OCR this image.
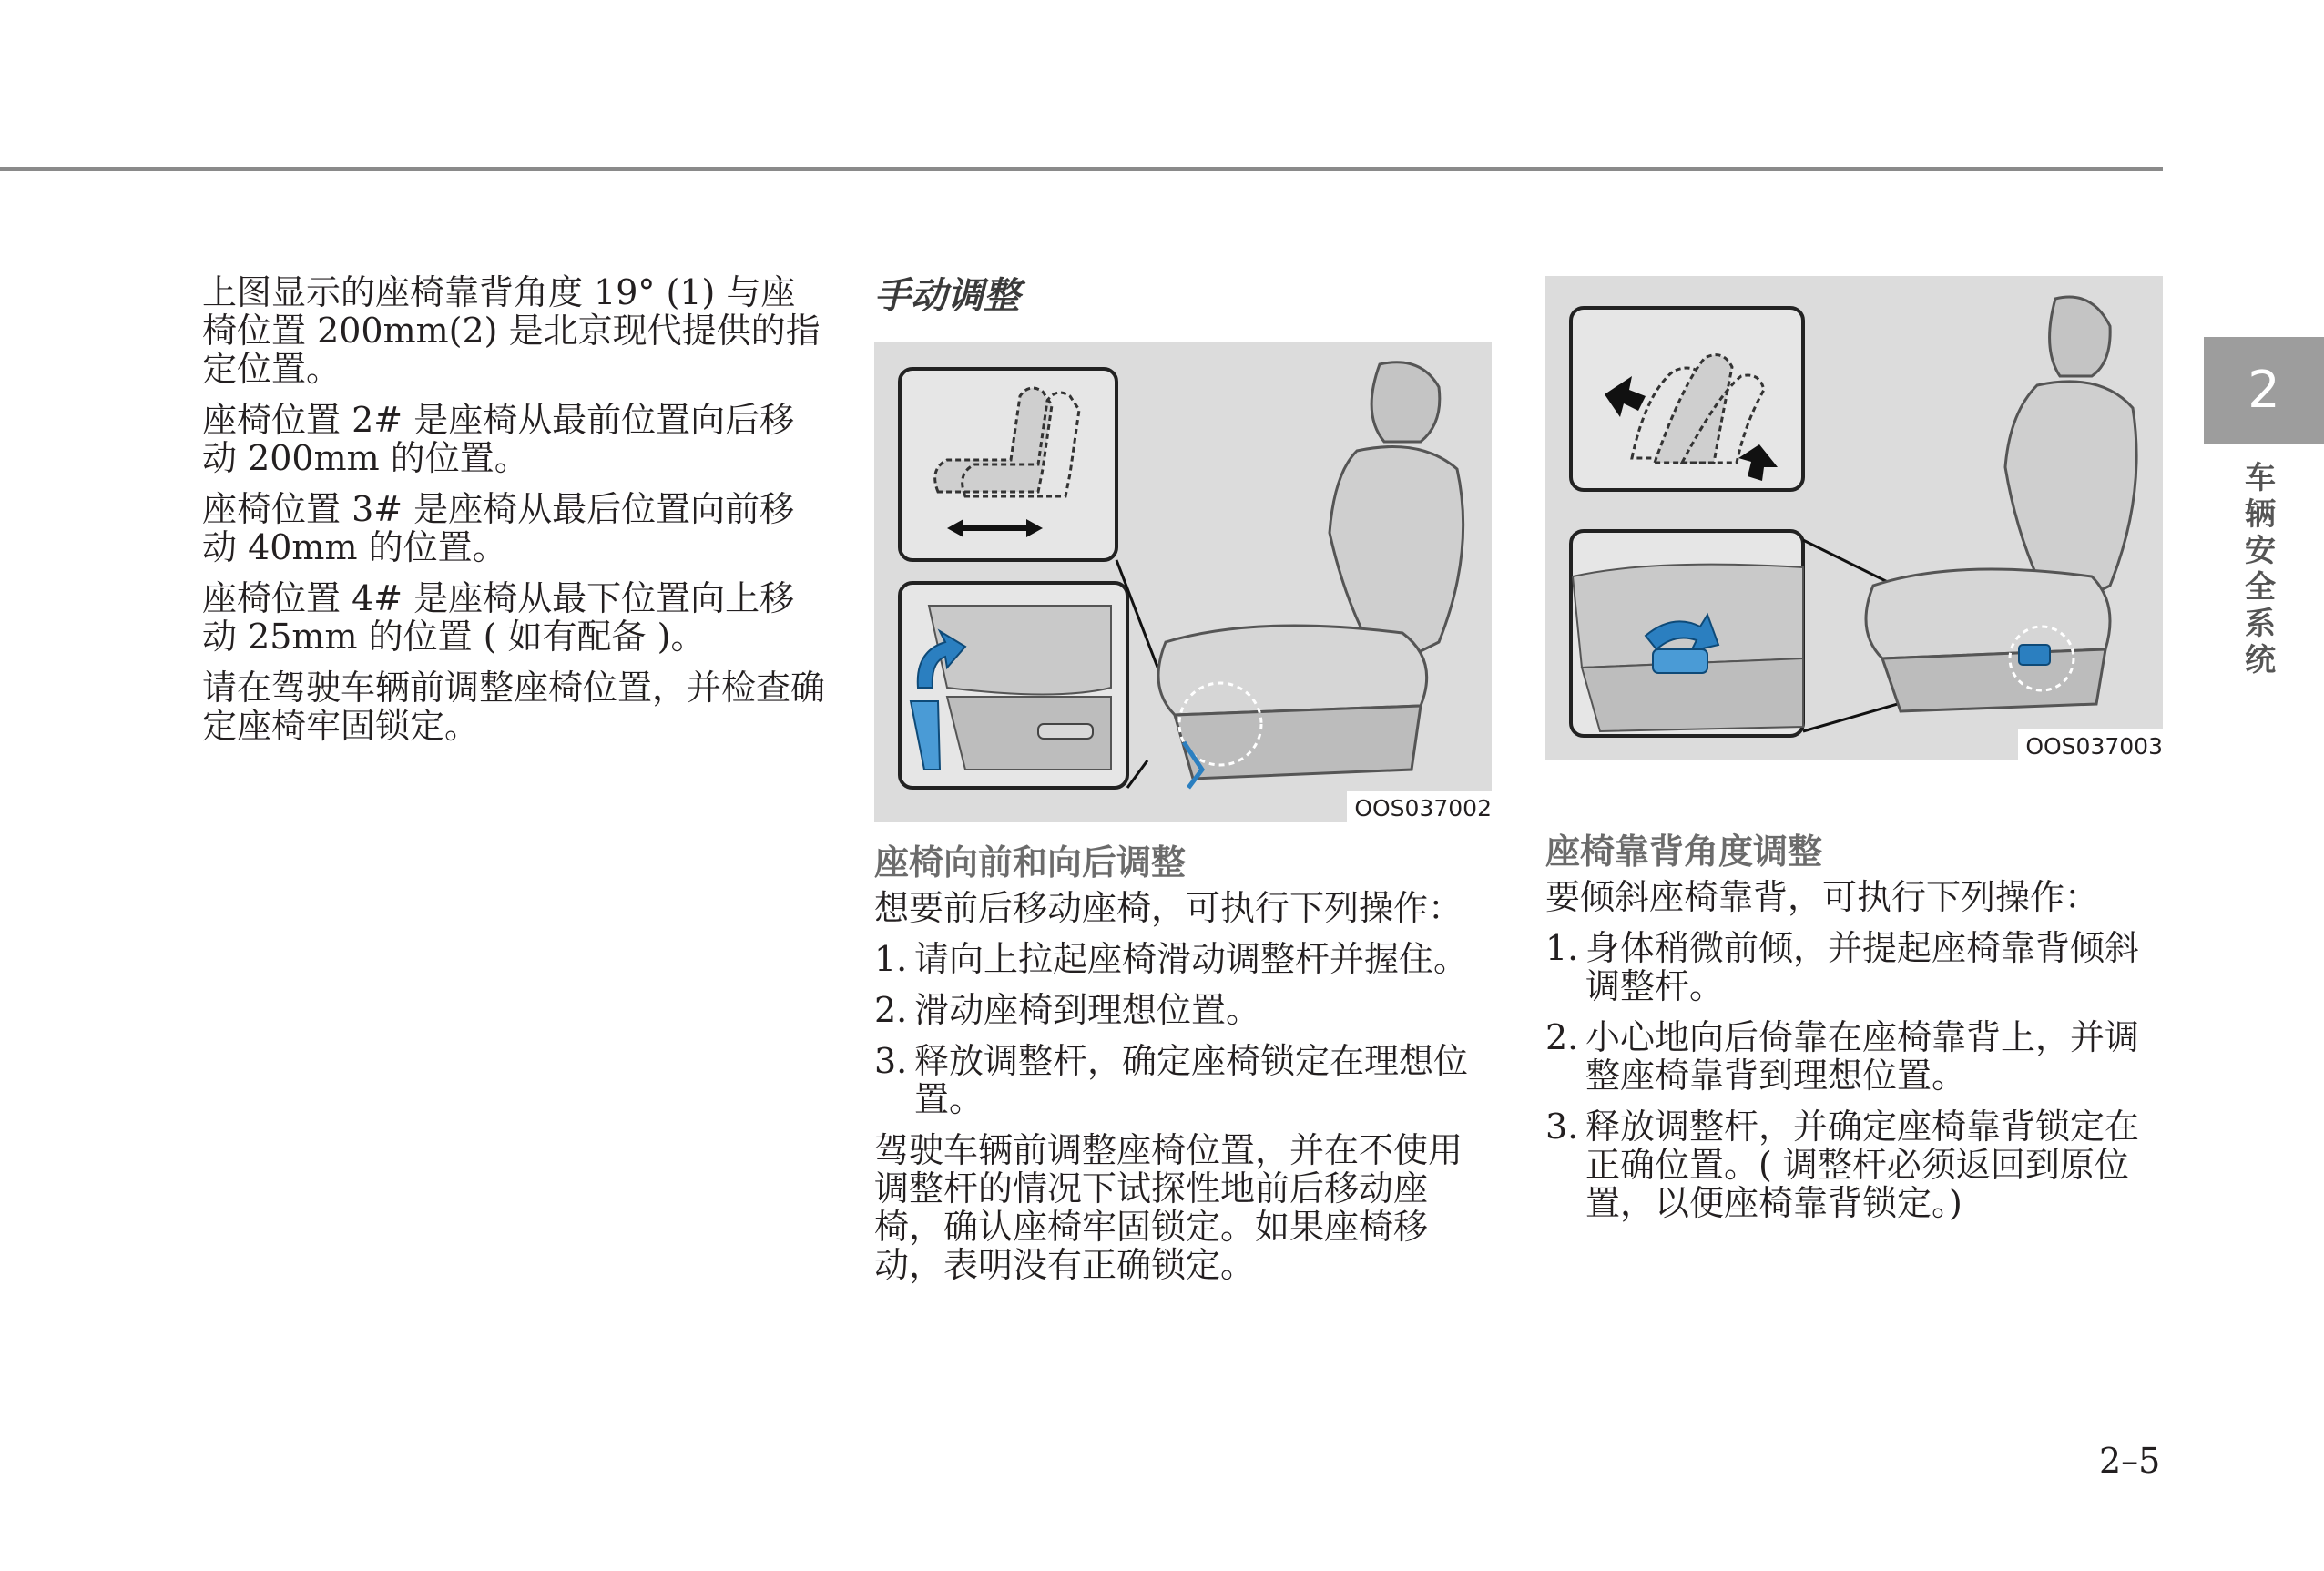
上图显示的座椅靠背角度 19° (1) 与座椅位置 200mm(2) 是北京现代提供的指定位置。

座椅位置 2# 是座椅从最前位置向后移动 200mm 的位置。

座椅位置 3# 是座椅从最后位置向前移动 40mm 的位置。

座椅位置 4# 是座椅从最下位置向上移动 25mm 的位置 ( 如有配备 )。

请在驾驶车辆前调整座椅位置，并检查确定座椅牢固锁定。

手动调整
OOS037002
座椅向前和向后调整

想要前后移动座椅，可执行下列操作：

1. 请向上拉起座椅滑动调整杆并握住。
2. 滑动座椅到理想位置。
3. 释放调整杆，确定座椅锁定在理想位置。

驾驶车辆前调整座椅位置，并在不使用调整杆的情况下试探性地前后移动座椅，确认座椅牢固锁定。如果座椅移动，表明没有正确锁定。

OOS037003
座椅靠背角度调整

要倾斜座椅靠背，可执行下列操作：

1. 身体稍微前倾，并提起座椅靠背倾斜调整杆。
2. 小心地向后倚靠在座椅靠背上，并调整座椅靠背到理想位置。
3. 释放调整杆，并确定座椅靠背锁定在正确位置。( 调整杆必须返回到原位置，以便座椅靠背锁定。)
2
车辆安全系统
2–5
